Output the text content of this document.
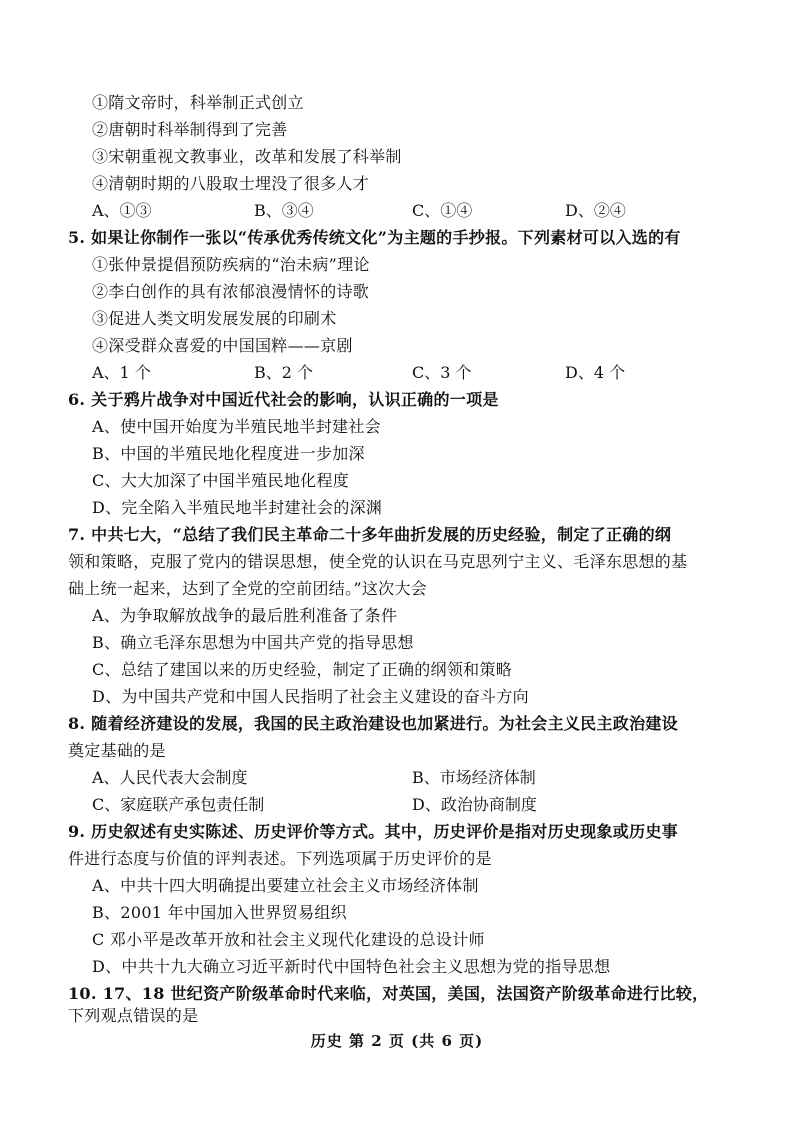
①隋文帝时，科举制正式创立
②唐朝时科举制得到了完善
③宋朝重视文教事业，改革和发展了科举制
④清朝时期的八股取士埋没了很多人才
A、①③	B、③④	C、①④	D、②④
5. 如果让你制作一张以“传承优秀传统文化”为主题的手抄报。下列素材可以入选的有
①张仲景提倡预防疾病的“治未病”理论
②李白创作的具有浓郁浪漫情怀的诗歌
③促进人类文明发展发展的印刷术
④深受群众喜爱的中国国粹——京剧
A、1 个	B、2 个	C、3 个	D、4 个
6. 关于鸦片战争对中国近代社会的影响，认识正确的一项是
A、使中国开始度为半殖民地半封建社会
B、中国的半殖民地化程度进一步加深
C、大大加深了中国半殖民地化程度
D、完全陷入半殖民地半封建社会的深渊
7. 中共七大，“总结了我们民主革命二十多年曲折发展的历史经验，制定了正确的纲
领和策略，克服了党内的错误思想，使全党的认识在马克思列宁主义、毛泽东思想的基
础上统一起来，达到了全党的空前团结。”这次大会
A、为争取解放战争的最后胜利准备了条件
B、确立毛泽东思想为中国共产党的指导思想
C、总结了建国以来的历史经验，制定了正确的纲领和策略
D、为中国共产党和中国人民指明了社会主义建设的奋斗方向
8. 随着经济建设的发展，我国的民主政治建设也加紧进行。为社会主义民主政治建设
奠定基础的是
A、人民代表大会制度	B、市场经济体制
C、家庭联产承包责任制	D、政治协商制度
9. 历史叙述有史实陈述、历史评价等方式。其中，历史评价是指对历史现象或历史事
件进行态度与价值的评判表述。下列选项属于历史评价的是
A、中共十四大明确提出要建立社会主义市场经济体制
B、2001 年中国加入世界贸易组织
C 邓小平是改革开放和社会主义现代化建设的总设计师
D、中共十九大确立习近平新时代中国特色社会主义思想为党的指导思想
10. 17、18 世纪资产阶级革命时代来临，对英国，美国，法国资产阶级革命进行比较，
下列观点错误的是
历史 第 2 页 (共 6 页)
